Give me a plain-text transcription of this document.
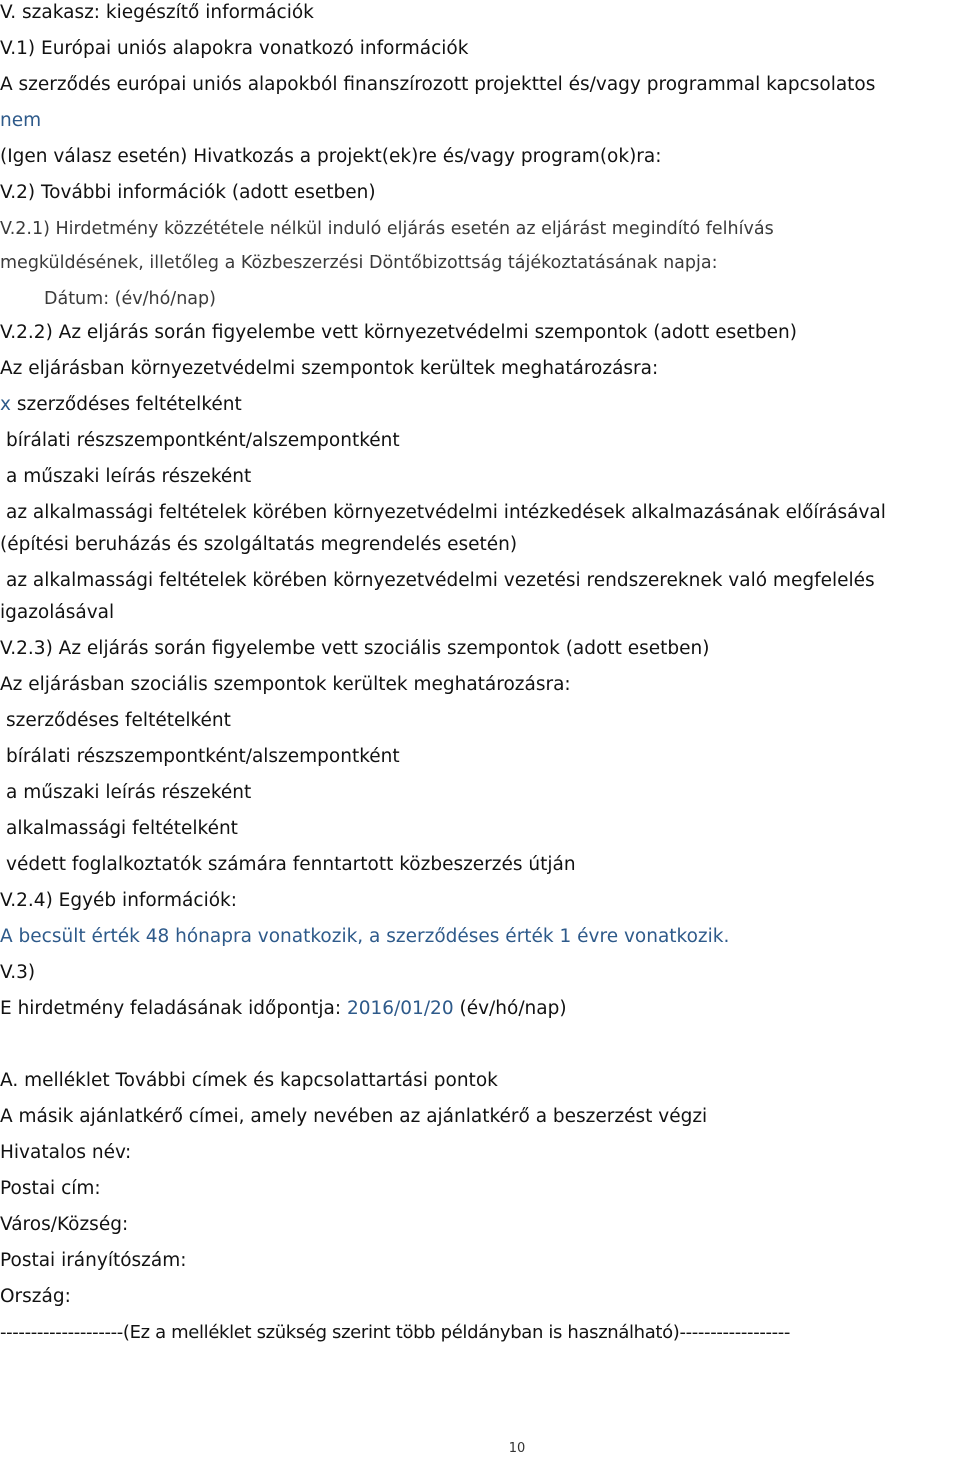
V. szakasz: kiegészítő információk
V.1) Európai uniós alapokra vonatkozó információk
A szerződés európai uniós alapokból finanszírozott projekttel és/vagy programmal kapcsolatos
nem
(Igen válasz esetén) Hivatkozás a projekt(ek)re és/vagy program(ok)ra:
V.2) További információk (adott esetben)
V.2.1) Hirdetmény közzététele nélkül induló eljárás esetén az eljárást megindító felhívás
megküldésének, illetőleg a Közbeszerzési Döntőbizottság tájékoztatásának napja:
Dátum: (év/hó/nap)
V.2.2) Az eljárás során figyelembe vett környezetvédelmi szempontok (adott esetben)
Az eljárásban környezetvédelmi szempontok kerültek meghatározásra:
x szerződéses feltételként
bírálati részszempontként/alszempontként
a műszaki leírás részeként
az alkalmassági feltételek körében környezetvédelmi intézkedések alkalmazásának előírásával
(építési beruházás és szolgáltatás megrendelés esetén)
az alkalmassági feltételek körében környezetvédelmi vezetési rendszereknek való megfelelés
igazolásával
V.2.3) Az eljárás során figyelembe vett szociális szempontok (adott esetben)
Az eljárásban szociális szempontok kerültek meghatározásra:
szerződéses feltételként
bírálati részszempontként/alszempontként
a műszaki leírás részeként
alkalmassági feltételként
védett foglalkoztatók számára fenntartott közbeszerzés útján
V.2.4) Egyéb információk:
A becsült érték 48 hónapra vonatkozik, a szerződéses érték 1 évre vonatkozik.
V.3)
E hirdetmény feladásának időpontja: 2016/01/20 (év/hó/nap)
A. melléklet További címek és kapcsolattartási pontok
A másik ajánlatkérő címei, amely nevében az ajánlatkérő a beszerzést végzi
Hivatalos név:
Postai cím:
Város/Község:
Postai irányítószám:
Ország:
--------------------(Ez a melléklet szükség szerint több példányban is használható)------------------
10
